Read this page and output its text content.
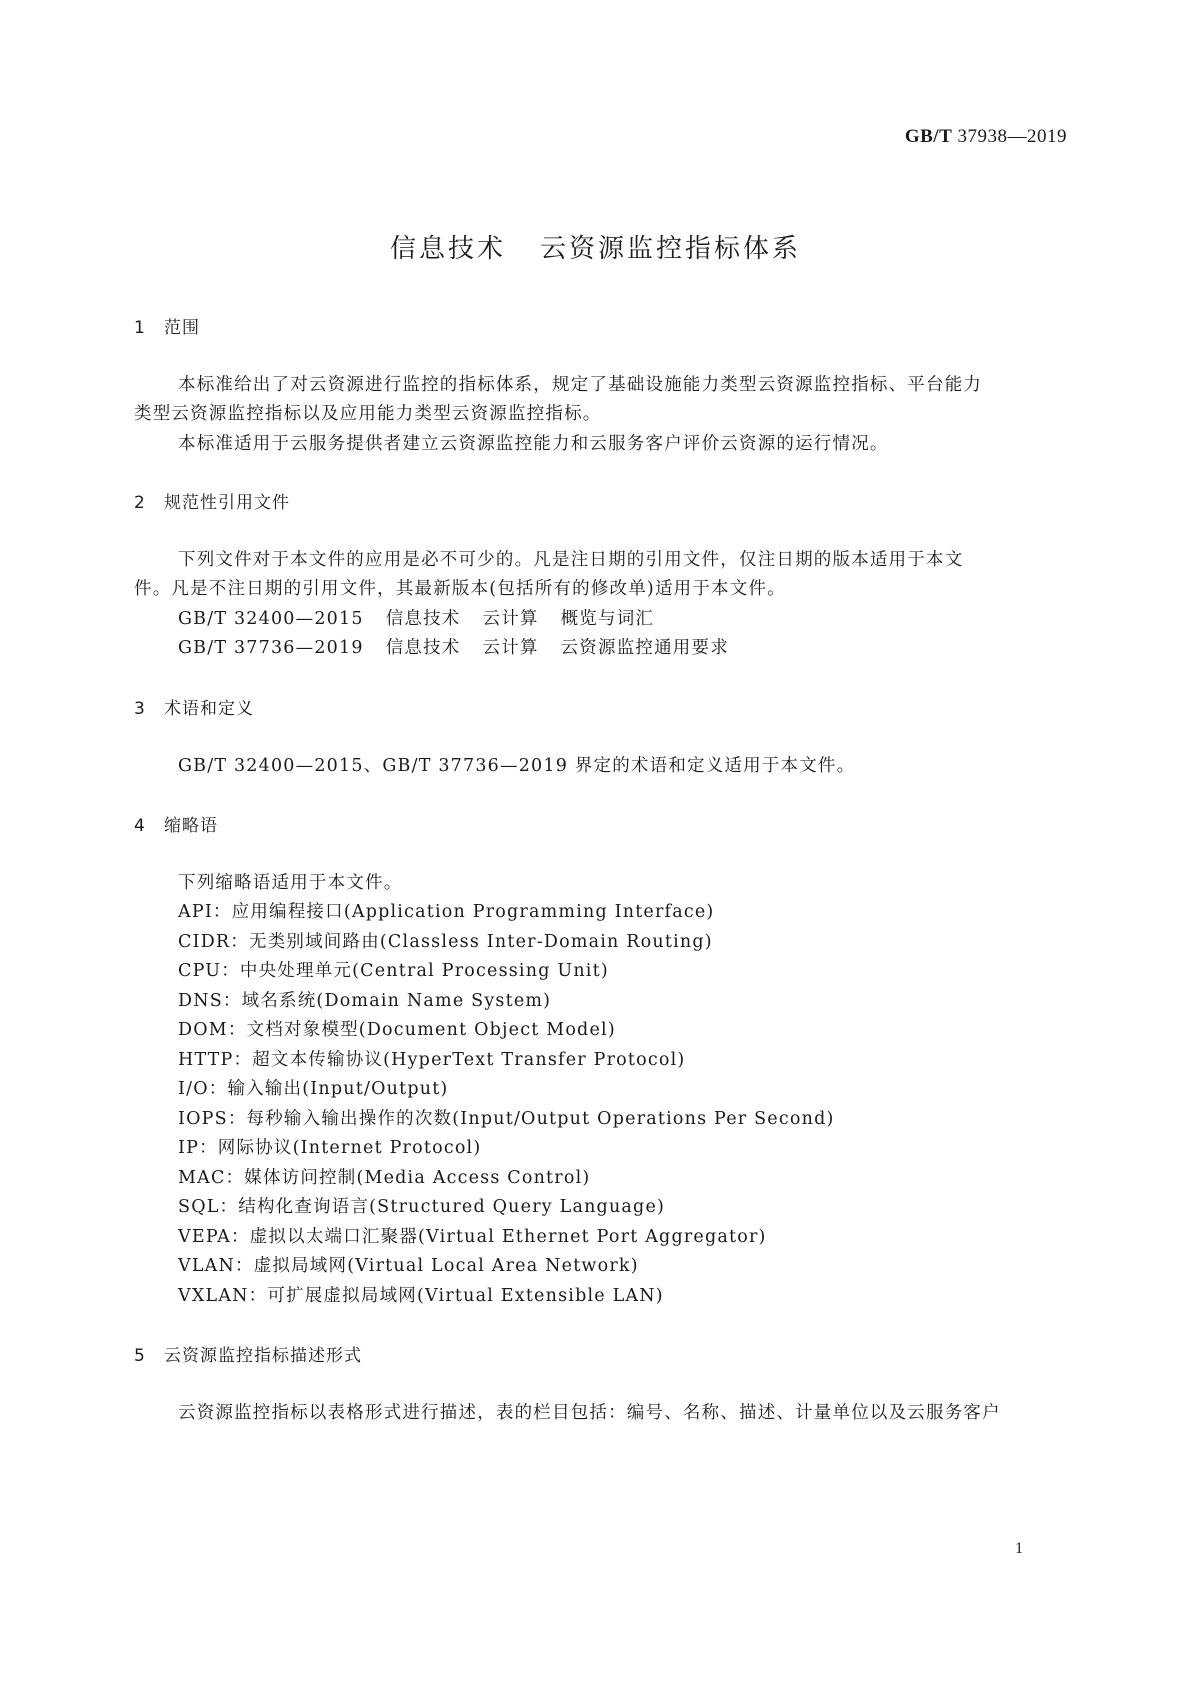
GB/T 37938—2019
信息技术 云资源监控指标体系
1 范围
本标准给出了对云资源进行监控的指标体系，规定了基础设施能力类型云资源监控指标、平台能力
类型云资源监控指标以及应用能力类型云资源监控指标。
本标准适用于云服务提供者建立云资源监控能力和云服务客户评价云资源的运行情况。
2 规范性引用文件
下列文件对于本文件的应用是必不可少的。凡是注日期的引用文件，仅注日期的版本适用于本文
件。凡是不注日期的引用文件，其最新版本(包括所有的修改单)适用于本文件。
GB/T 32400—2015 信息技术 云计算 概览与词汇
GB/T 37736—2019 信息技术 云计算 云资源监控通用要求
3 术语和定义
GB/T 32400—2015、GB/T 37736—2019 界定的术语和定义适用于本文件。
4 缩略语
下列缩略语适用于本文件。
API：应用编程接口(Application Programming Interface)
CIDR：无类别域间路由(Classless Inter-Domain Routing)
CPU：中央处理单元(Central Processing Unit)
DNS：域名系统(Domain Name System)
DOM：文档对象模型(Document Object Model)
HTTP：超文本传输协议(HyperText Transfer Protocol)
I/O：输入输出(Input/Output)
IOPS：每秒输入输出操作的次数(Input/Output Operations Per Second)
IP：网际协议(Internet Protocol)
MAC：媒体访问控制(Media Access Control)
SQL：结构化查询语言(Structured Query Language)
VEPA：虚拟以太端口汇聚器(Virtual Ethernet Port Aggregator)
VLAN：虚拟局域网(Virtual Local Area Network)
VXLAN：可扩展虚拟局域网(Virtual Extensible LAN)
5 云资源监控指标描述形式
云资源监控指标以表格形式进行描述，表的栏目包括：编号、名称、描述、计量单位以及云服务客户
1
